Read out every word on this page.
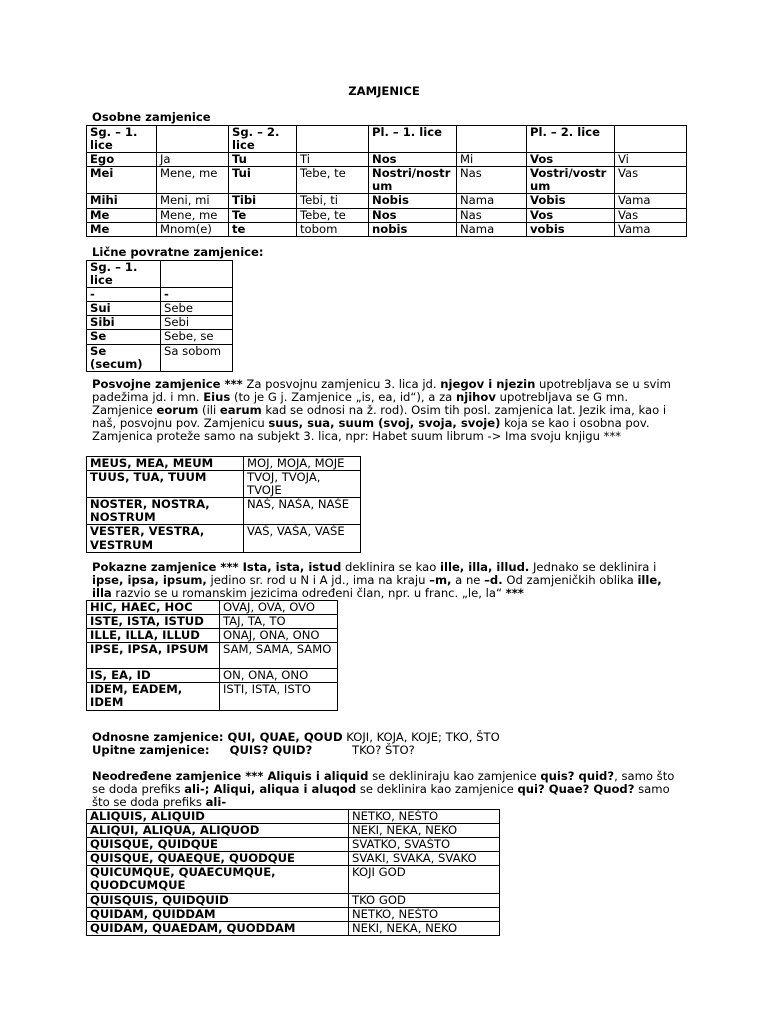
ZAMJENICE
Osobne zamjenice
Sg. – 1. lice		Sg. – 2. lice		Pl. – 1. lice		Pl. – 2. lice	
Ego	Ja	Tu	Ti	Nos	Mi	Vos	Vi
Mei	Mene, me	Tui	Tebe, te	Nostri/nostrum	Nas	Vostri/vostrum	Vas
Mihi	Meni, mi	Tibi	Tebi, ti	Nobis	Nama	Vobis	Vama
Me	Mene, me	Te	Tebe, te	Nos	Nas	Vos	Vas
Me	Mnom(e)	te	tobom	nobis	Nama	vobis	Vama
Lične povratne zamjenice:
Sg. – 1. lice	
-	-
Sui	Sebe
Sibi	Sebi
Se	Sebe, se
Se (secum)	Sa sobom

Posvojne zamjenice *** Za posvojnu zamjenicu 3. lica jd. njegov i njezin upotrebljava se u svim padežima jd. i mn. Eius (to je G j. Zamjenice „is, ea, id“), a za njihov upotrebljava se G mn. Zamjenice eorum (ili earum kad se odnosi na ž. rod). Osim tih posl. zamjenica lat. Jezik ima, kao i naš, posvojnu pov. Zamjenicu suus, sua, suum (svoj, svoja, svoje) koja se kao i osobna pov. Zamjenica proteže samo na subjekt 3. lica, npr: Habet suum librum -> Ima svoju knjigu ***

MEUS, MEA, MEUM	MOJ, MOJA, MOJE
TUUS, TUA, TUUM	TVOJ, TVOJA, TVOJE
NOSTER, NOSTRA, NOSTRUM	NAŠ, NAŠA, NAŠE
VESTER, VESTRA, VESTRUM	VAŠ, VAŠA, VAŠE

Pokazne zamjenice *** Ista, ista, istud deklinira se kao ille, illa, illud. Jednako se deklinira i ipse, ipsa, ipsum, jedino sr. rod u N i A jd., ima na kraju –m, a ne –d. Od zamjeničkih oblika ille, illa razvio se u romanskim jezicima određeni član, npr. u franc. „le, la“ ***

HIC, HAEC, HOC	OVAJ, OVA, OVO
ISTE, ISTA, ISTUD	TAJ, TA, TO
ILLE, ILLA, ILLUD	ONAJ, ONA, ONO
IPSE, IPSA, IPSUM	SAM, SAMA, SAMO
IS, EA, ID	ON, ONA, ONO
IDEM, EADEM, IDEM	ISTI, ISTA, ISTO
Odnosne zamjenice: QUI, QUAE, QOUD KOJI, KOJA, KOJE; TKO, ŠTO
Upitne zamjenice:     QUIS? QUID?	TKO? ŠTO?

Neodređene zamjenice *** Aliquis i aliquid se dekliniraju kao zamjenice quis? quid?, samo što se doda prefiks ali-; Aliqui, aliqua i aluqod se deklinira kao zamjenice qui? Quae? Quod? samo što se doda prefiks ali-

ALIQUIS, ALIQUID	NETKO, NEŠTO
ALIQUI, ALIQUA, ALIQUOD	NEKI, NEKA, NEKO
QUISQUE, QUIDQUE	SVATKO, SVAŠTO
QUISQUE, QUAEQUE, QUODQUE	SVAKI, SVAKA, SVAKO
QUICUMQUE, QUAECUMQUE, QUODCUMQUE	KOJI GOD
QUISQUIS, QUIDQUID	TKO GOD
QUIDAM, QUIDDAM	NETKO, NEŠTO
QUIDAM, QUAEDAM, QUODDAM	NEKI, NEKA, NEKO
